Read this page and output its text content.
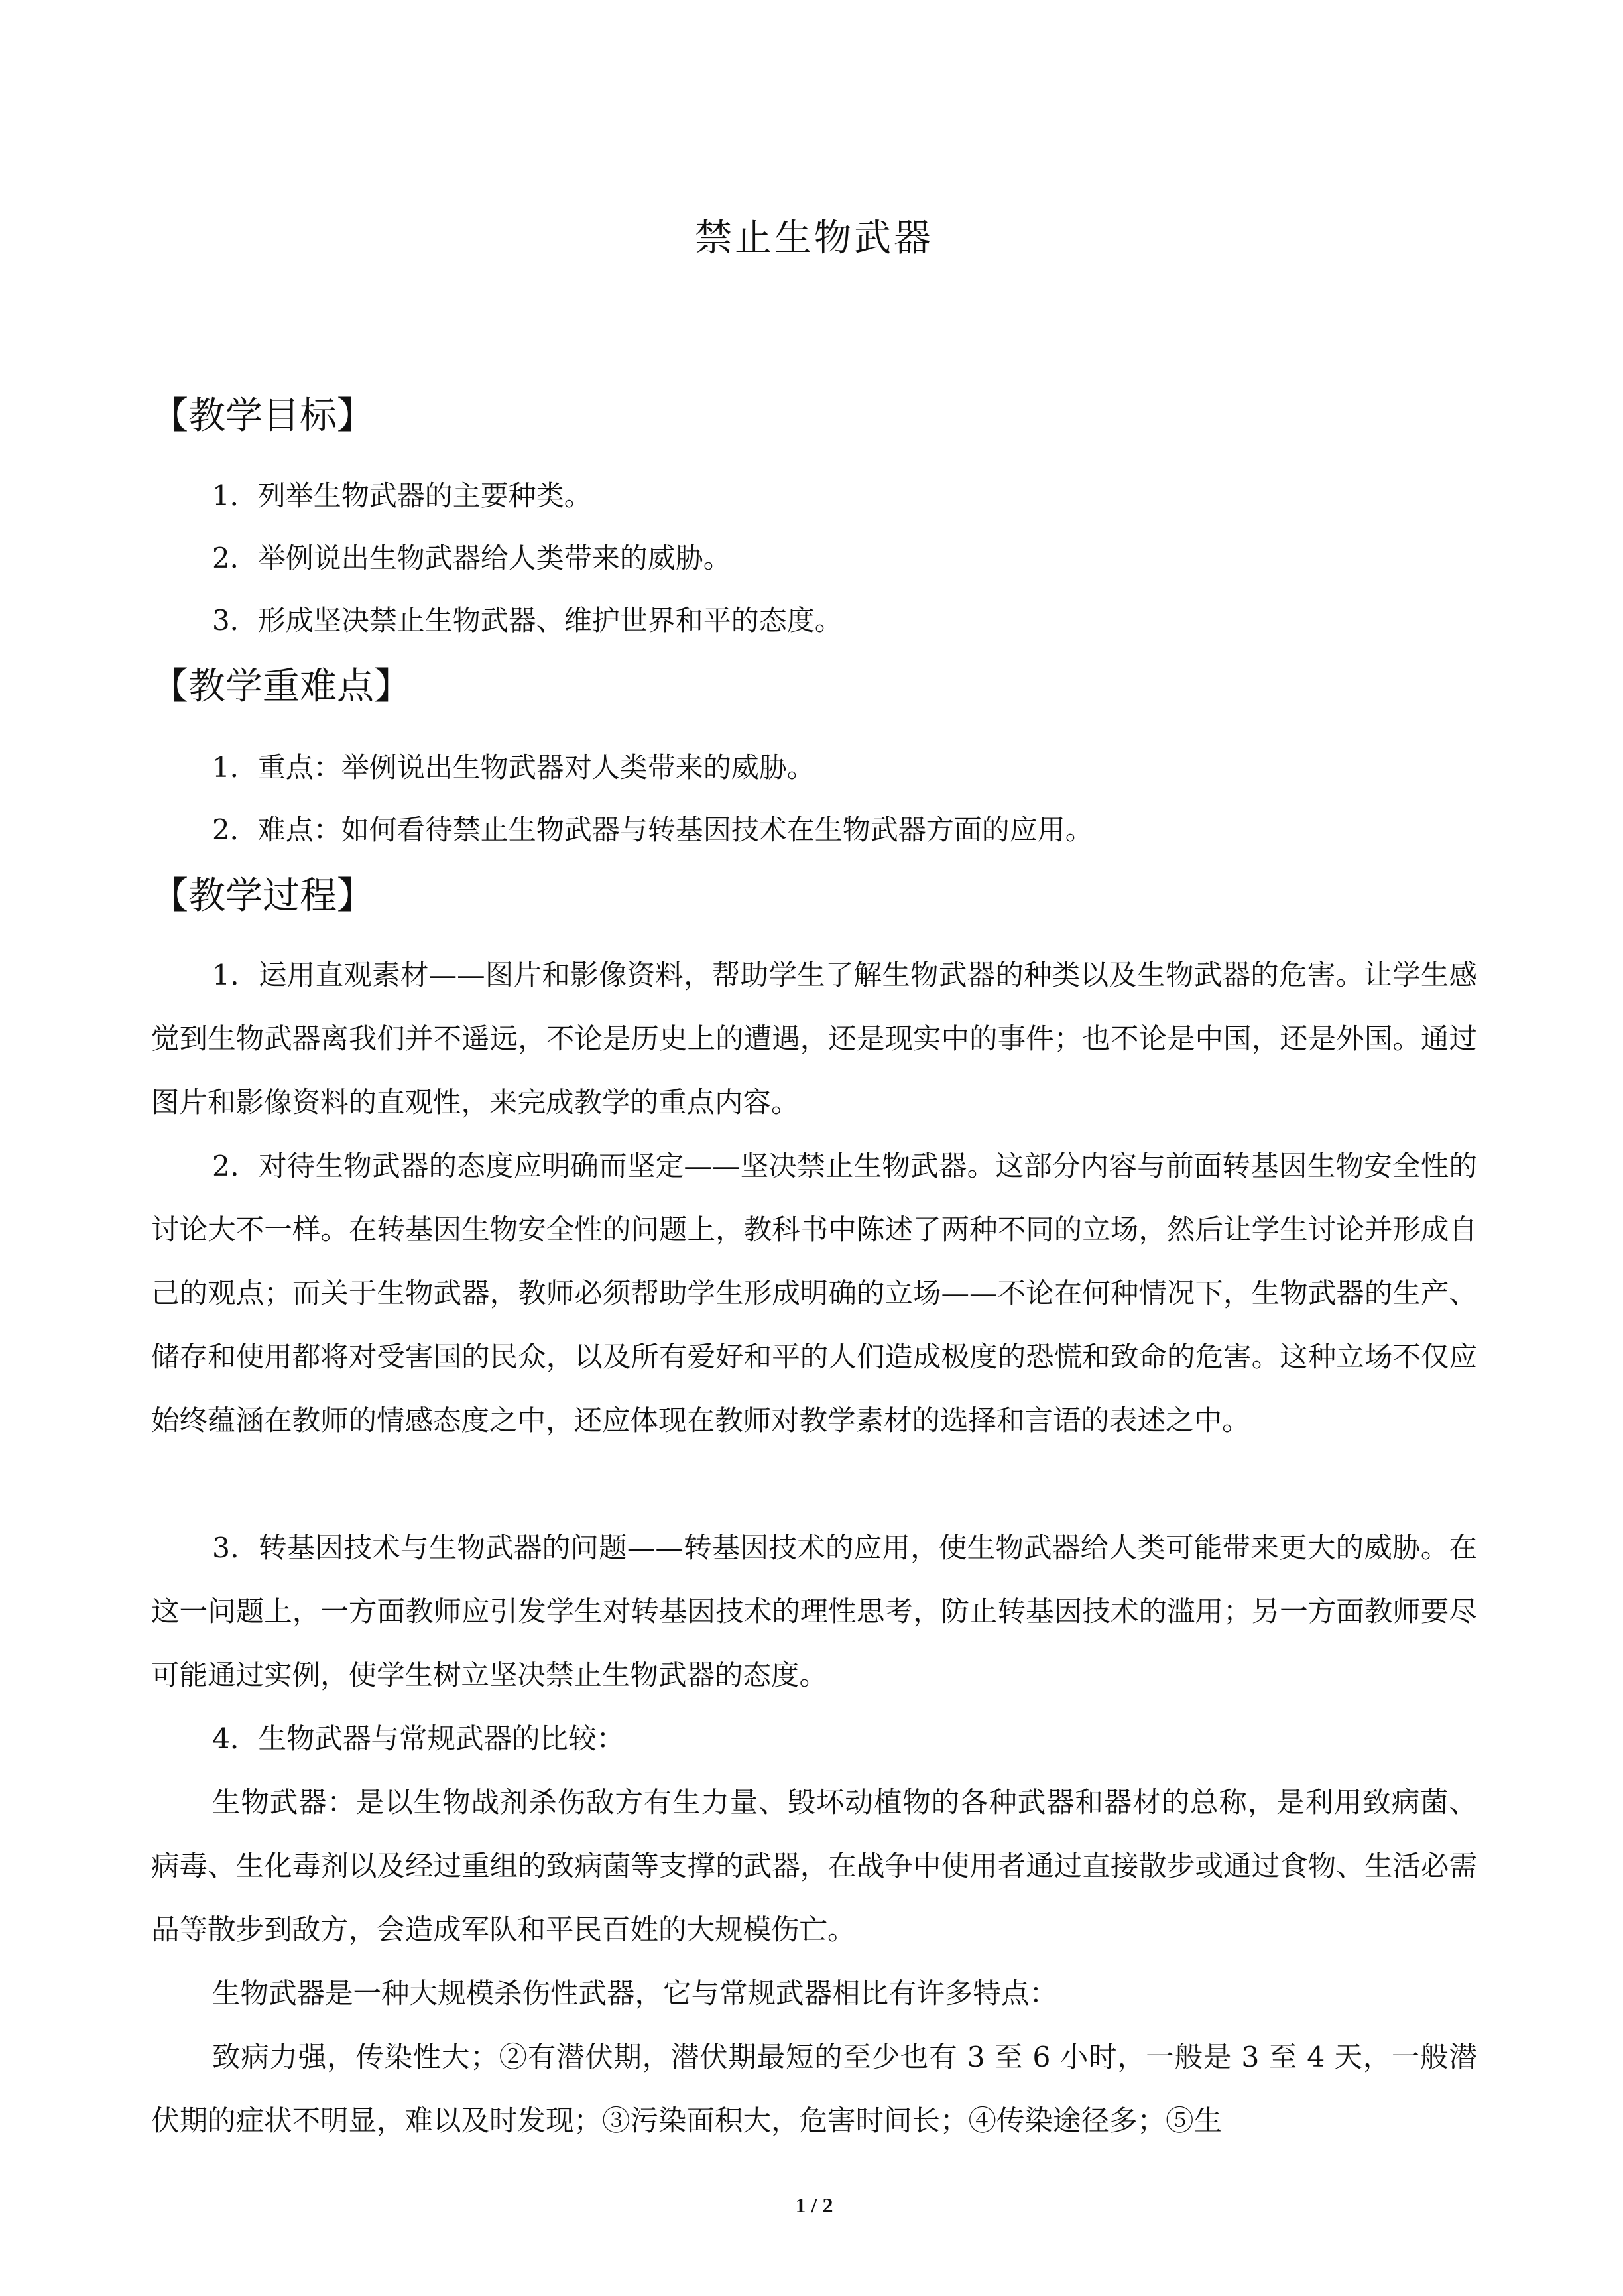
禁止生物武器
【教学目标】
1．列举生物武器的主要种类。
2．举例说出生物武器给人类带来的威胁。
3．形成坚决禁止生物武器、维护世界和平的态度。
【教学重难点】
1．重点：举例说出生物武器对人类带来的威胁。
2．难点：如何看待禁止生物武器与转基因技术在生物武器方面的应用。
【教学过程】

1．运用直观素材——图片和影像资料，帮助学生了解生物武器的种类以及生物武器的危害。让学生感觉到生物武器离我们并不遥远，不论是历史上的遭遇，还是现实中的事件；也不论是中国，还是外国。通过图片和影像资料的直观性，来完成教学的重点内容。

2．对待生物武器的态度应明确而坚定——坚决禁止生物武器。这部分内容与前面转基因生物安全性的讨论大不一样。在转基因生物安全性的问题上，教科书中陈述了两种不同的立场，然后让学生讨论并形成自己的观点；而关于生物武器，教师必须帮助学生形成明确的立场——不论在何种情况下，生物武器的生产、储存和使用都将对受害国的民众，以及所有爱好和平的人们造成极度的恐慌和致命的危害。这种立场不仅应始终蕴涵在教师的情感态度之中，还应体现在教师对教学素材的选择和言语的表述之中。

3．转基因技术与生物武器的问题——转基因技术的应用，使生物武器给人类可能带来更大的威胁。在这一问题上，一方面教师应引发学生对转基因技术的理性思考，防止转基因技术的滥用；另一方面教师要尽可能通过实例，使学生树立坚决禁止生物武器的态度。

4．生物武器与常规武器的比较：

生物武器：是以生物战剂杀伤敌方有生力量、毁坏动植物的各种武器和器材的总称，是利用致病菌、病毒、生化毒剂以及经过重组的致病菌等支撑的武器，在战争中使用者通过直接散步或通过食物、生活必需品等散步到敌方，会造成军队和平民百姓的大规模伤亡。

生物武器是一种大规模杀伤性武器，它与常规武器相比有许多特点：

致病力强，传染性大；②有潜伏期，潜伏期最短的至少也有 3 至 6 小时，一般是 3 至 4 天，一般潜伏期的症状不明显，难以及时发现；③污染面积大，危害时间长；④传染途径多；⑤生

1 / 2
